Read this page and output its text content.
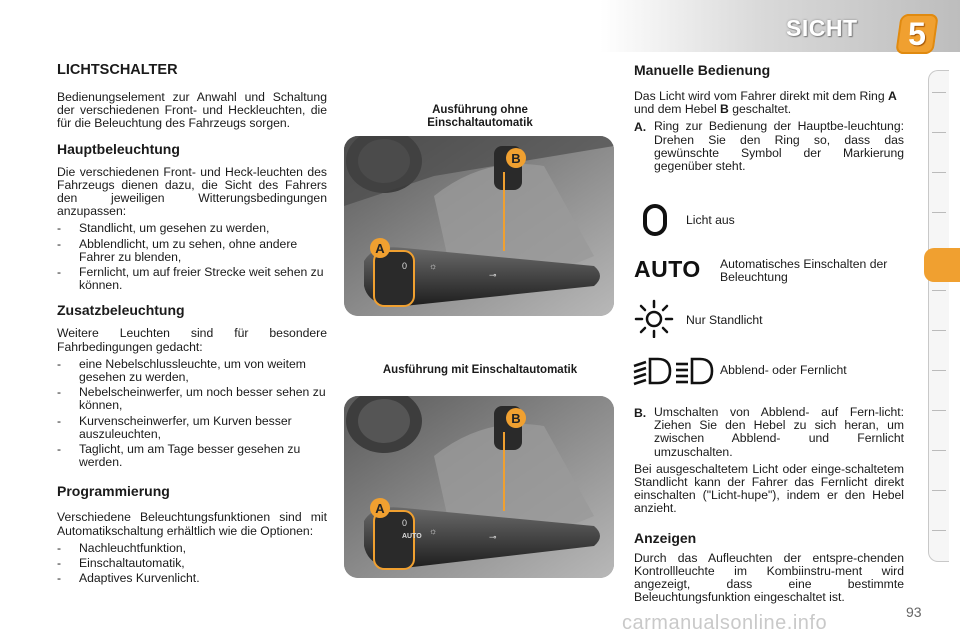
SICHT	5
LICHTSCHALTER

Bedienungselement zur Anwahl und Schaltung der verschiedenen Front- und Heckleuchten, die für die Beleuchtung des Fahrzeugs sorgen.

Hauptbeleuchtung

Die verschiedenen Front- und Heck-leuchten des Fahrzeugs dienen dazu, die Sicht des Fahrers den jeweiligen Witterungsbedingungen anzupassen:

- Standlicht, um gesehen zu werden,
- Abblendlicht, um zu sehen, ohne andere Fahrer zu blenden,
- Fernlicht, um auf freier Strecke weit sehen zu können.
Zusatzbeleuchtung

Weitere Leuchten sind für besondere Fahrbedingungen gedacht:

- eine Nebelschlussleuchte, um von weitem gesehen zu werden,
- Nebelscheinwerfer, um noch besser sehen zu können,
- Kurvenscheinwerfer, um Kurven besser auszuleuchten,
- Taglicht, um am Tage besser gesehen zu werden.
Programmierung

Verschiedene Beleuchtungsfunktionen sind mit Automatikschaltung erhältlich wie die Optionen:

- Nachleuchtfunktion,
- Einschaltautomatik,
- Adaptives Kurvenlicht.
Ausführung ohne
Einschaltautomatik
Ausführung mit Einschaltautomatik
B
0 ☼
⊸
A
B
0
AUTO
☼
⊸
A
Manuelle Bedienung

Das Licht wird vom Fahrer direkt mit dem Ring A und dem Hebel B geschaltet.

A. Ring zur Bedienung der Hauptbe-leuchtung: Drehen Sie den Ring so, dass das gewünschte Symbol der Markierung gegenüber steht.

Licht aus
AUTO Automatisches Einschalten der Beleuchtung
Nur Standlicht
Abblend- oder Fernlicht
B. Umschalten von Abblend- auf Fern-licht: Ziehen Sie den Hebel zu sich heran, um zwischen Abblend- und Fernlicht umzuschalten.

Bei ausgeschaltetem Licht oder einge-schaltetem Standlicht kann der Fahrer das Fernlicht direkt einschalten ("Licht-hupe"), indem er den Hebel anzieht.

Anzeigen

Durch das Aufleuchten der entspre-chenden Kontrollleuchte im Kombiinstru-ment wird angezeigt, dass eine bestimmte Beleuchtungsfunktion eingeschaltet ist.

93
carmanualsonline.info
